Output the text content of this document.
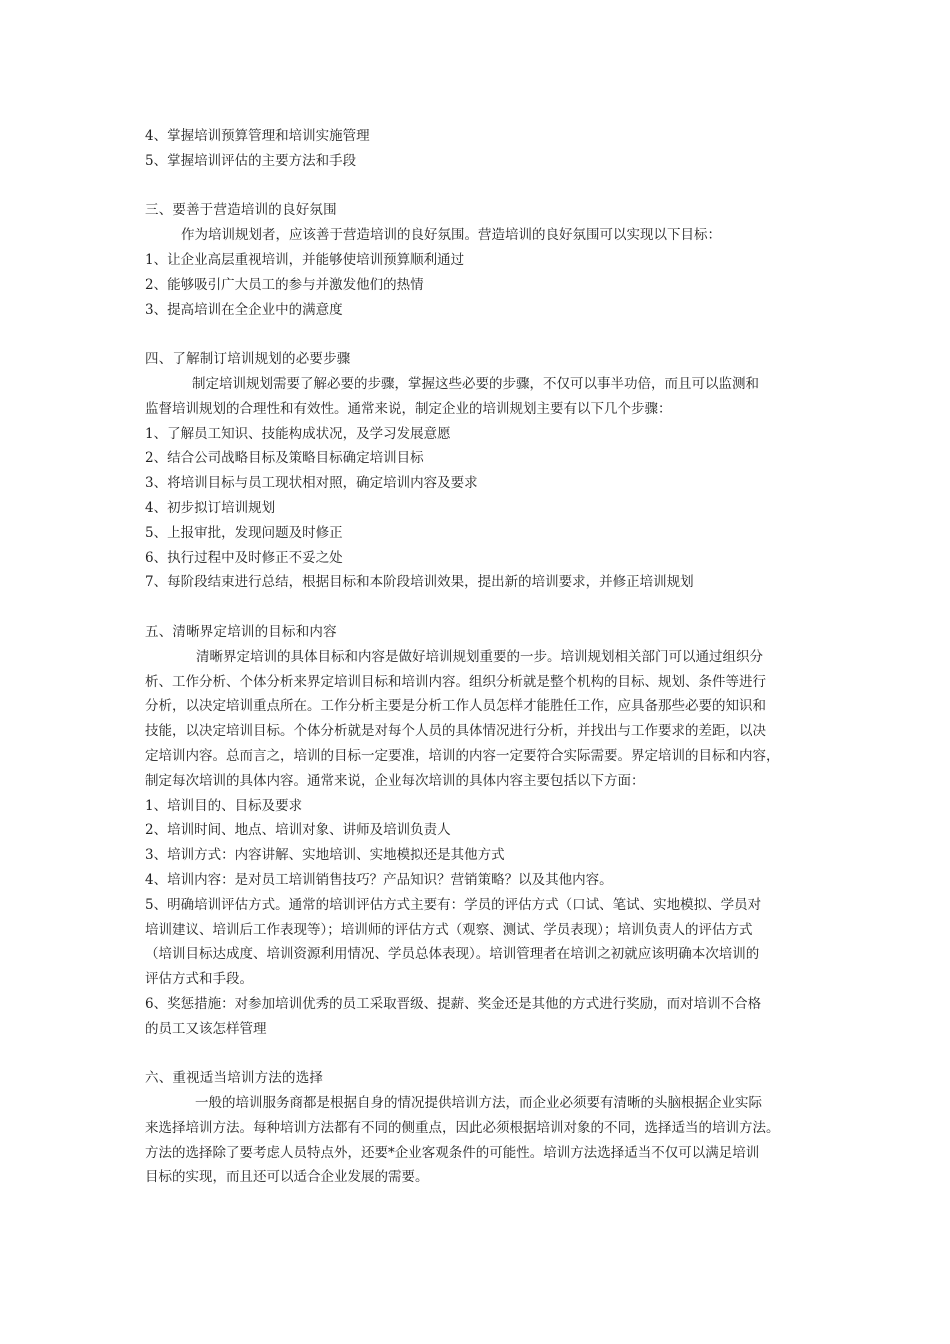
4、掌握培训预算管理和培训实施管理
5、掌握培训评估的主要方法和手段
三、要善于营造培训的良好氛围
作为培训规划者，应该善于营造培训的良好氛围。营造培训的良好氛围可以实现以下目标：
1、让企业高层重视培训，并能够使培训预算顺利通过
2、能够吸引广大员工的参与并激发他们的热情
3、提高培训在全企业中的满意度
四、了解制订培训规划的必要步骤
制定培训规划需要了解必要的步骤，掌握这些必要的步骤，不仅可以事半功倍，而且可以监测和
监督培训规划的合理性和有效性。通常来说，制定企业的培训规划主要有以下几个步骤：
1、了解员工知识、技能构成状况，及学习发展意愿
2、结合公司战略目标及策略目标确定培训目标
3、将培训目标与员工现状相对照，确定培训内容及要求
4、初步拟订培训规划
5、上报审批，发现问题及时修正
6、执行过程中及时修正不妥之处
7、每阶段结束进行总结，根据目标和本阶段培训效果，提出新的培训要求，并修正培训规划
五、清晰界定培训的目标和内容
清晰界定培训的具体目标和内容是做好培训规划重要的一步。培训规划相关部门可以通过组织分
析、工作分析、个体分析来界定培训目标和培训内容。组织分析就是整个机构的目标、规划、条件等进行
分析，以决定培训重点所在。工作分析主要是分析工作人员怎样才能胜任工作，应具备那些必要的知识和
技能，以决定培训目标。个体分析就是对每个人员的具体情况进行分析，并找出与工作要求的差距，以决
定培训内容。总而言之，培训的目标一定要准，培训的内容一定要符合实际需要。界定培训的目标和内容，
制定每次培训的具体内容。通常来说，企业每次培训的具体内容主要包括以下方面：
1、培训目的、目标及要求
2、培训时间、地点、培训对象、讲师及培训负责人
3、培训方式：内容讲解、实地培训、实地模拟还是其他方式
4、培训内容：是对员工培训销售技巧？产品知识？营销策略？以及其他内容。
5、明确培训评估方式。通常的培训评估方式主要有：学员的评估方式（口试、笔试、实地模拟、学员对
培训建议、培训后工作表现等）；培训师的评估方式（观察、测试、学员表现）；培训负责人的评估方式
（培训目标达成度、培训资源利用情况、学员总体表现）。培训管理者在培训之初就应该明确本次培训的
评估方式和手段。
6、奖惩措施：对参加培训优秀的员工采取晋级、提薪、奖金还是其他的方式进行奖励，而对培训不合格
的员工又该怎样管理
六、重视适当培训方法的选择
一般的培训服务商都是根据自身的情况提供培训方法，而企业必须要有清晰的头脑根据企业实际
来选择培训方法。每种培训方法都有不同的侧重点，因此必须根据培训对象的不同，选择适当的培训方法。
方法的选择除了要考虑人员特点外，还要*企业客观条件的可能性。培训方法选择适当不仅可以满足培训
目标的实现，而且还可以适合企业发展的需要。
